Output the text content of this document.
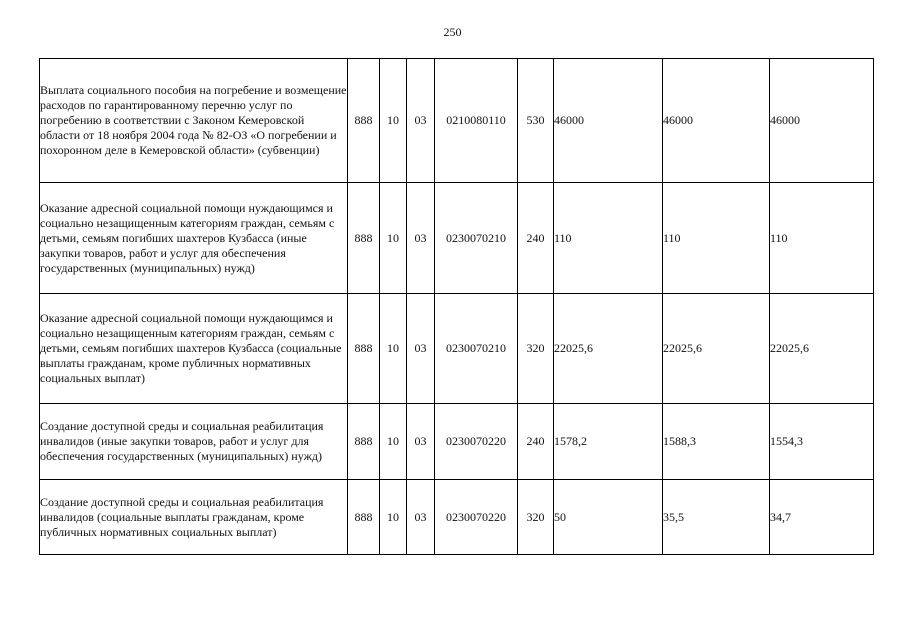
250
Выплата социального пособия на погребение и возмещение расходов по гарантированному перечню услуг по погребению в соответствии с Законом Кемеровской области от 18 ноября 2004 года № 82-ОЗ «О погребении и похоронном деле в Кемеровской области» (субвенции)	888	10	03	0210080110	530	46000	46000	46000
Оказание адресной социальной помощи нуждающимся и социально незащищенным категориям граждан, семьям с детьми, семьям погибших шахтеров Кузбасса (иные закупки товаров, работ и услуг для обеспечения государственных (муниципальных) нужд)	888	10	03	0230070210	240	110	110	110
Оказание адресной социальной помощи нуждающимся и социально незащищенным категориям граждан, семьям с детьми, семьям погибших шахтеров Кузбасса (социальные выплаты гражданам, кроме публичных нормативных социальных выплат)	888	10	03	0230070210	320	22025,6	22025,6	22025,6
Создание доступной среды и социальная реабилитация инвалидов (иные закупки товаров, работ и услуг для обеспечения государственных (муниципальных) нужд)	888	10	03	0230070220	240	1578,2	1588,3	1554,3
Создание доступной среды и социальная реабилитация инвалидов (социальные выплаты гражданам, кроме публичных нормативных социальных выплат)	888	10	03	0230070220	320	50	35,5	34,7
